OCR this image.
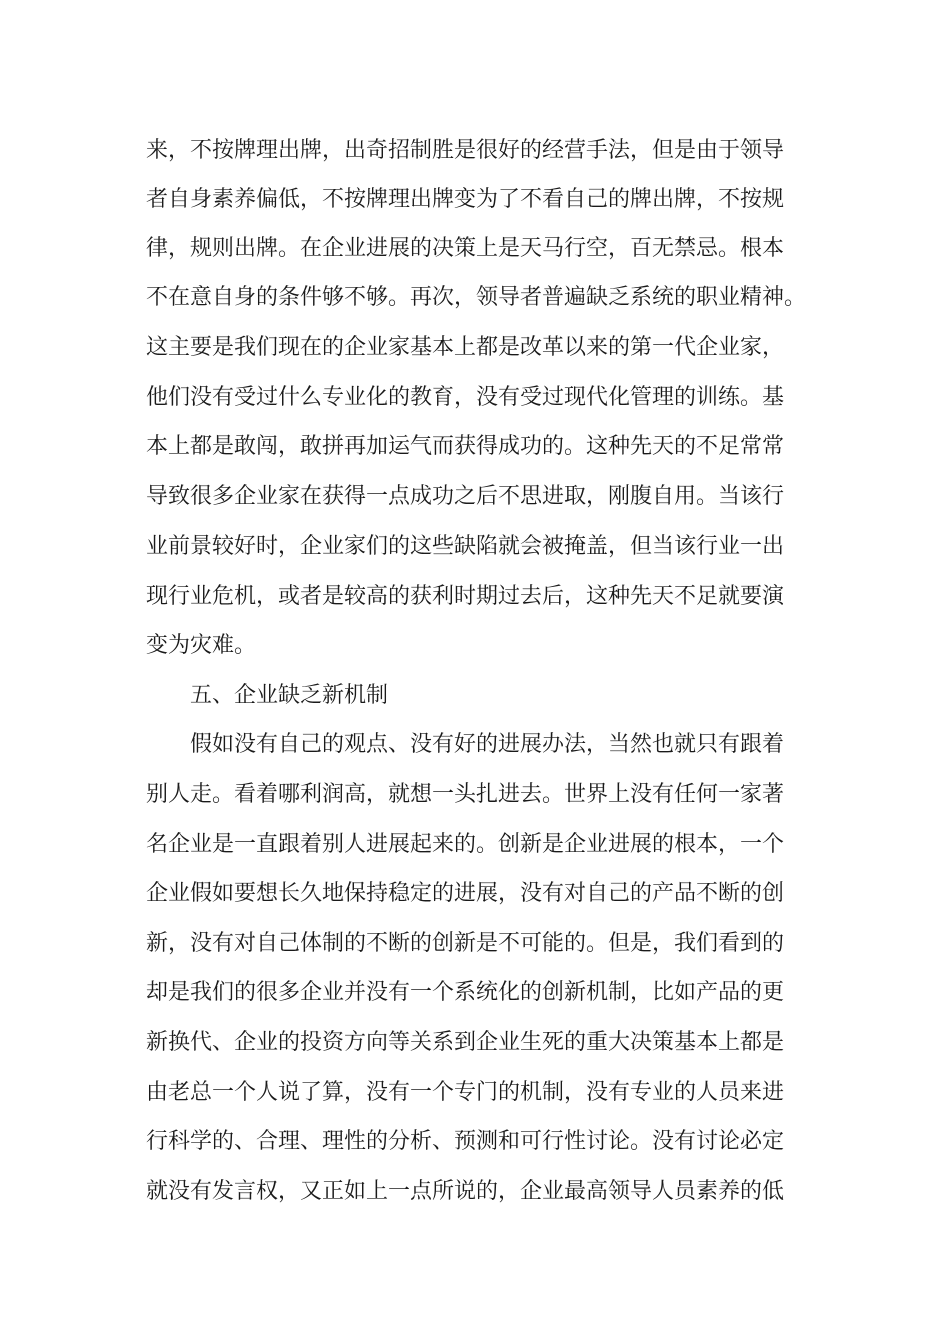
来，不按牌理出牌，出奇招制胜是很好的经营手法，但是由于领导
者自身素养偏低，不按牌理出牌变为了不看自己的牌出牌，不按规
律，规则出牌。在企业进展的决策上是天马行空，百无禁忌。根本
不在意自身的条件够不够。再次，领导者普遍缺乏系统的职业精神。
这主要是我们现在的企业家基本上都是改革以来的第一代企业家，
他们没有受过什么专业化的教育，没有受过现代化管理的训练。基
本上都是敢闯，敢拼再加运气而获得成功的。这种先天的不足常常
导致很多企业家在获得一点成功之后不思进取，刚腹自用。当该行
业前景较好时，企业家们的这些缺陷就会被掩盖，但当该行业一出
现行业危机，或者是较高的获利时期过去后，这种先天不足就要演
变为灾难。
五、企业缺乏新机制
假如没有自己的观点、没有好的进展办法，当然也就只有跟着
别人走。看着哪利润高，就想一头扎进去。世界上没有任何一家著
名企业是一直跟着别人进展起来的。创新是企业进展的根本，一个
企业假如要想长久地保持稳定的进展，没有对自己的产品不断的创
新，没有对自己体制的不断的创新是不可能的。但是，我们看到的
却是我们的很多企业并没有一个系统化的创新机制，比如产品的更
新换代、企业的投资方向等关系到企业生死的重大决策基本上都是
由老总一个人说了算，没有一个专门的机制，没有专业的人员来进
行科学的、合理、理性的分析、预测和可行性讨论。没有讨论必定
就没有发言权，又正如上一点所说的，企业最高领导人员素养的低
